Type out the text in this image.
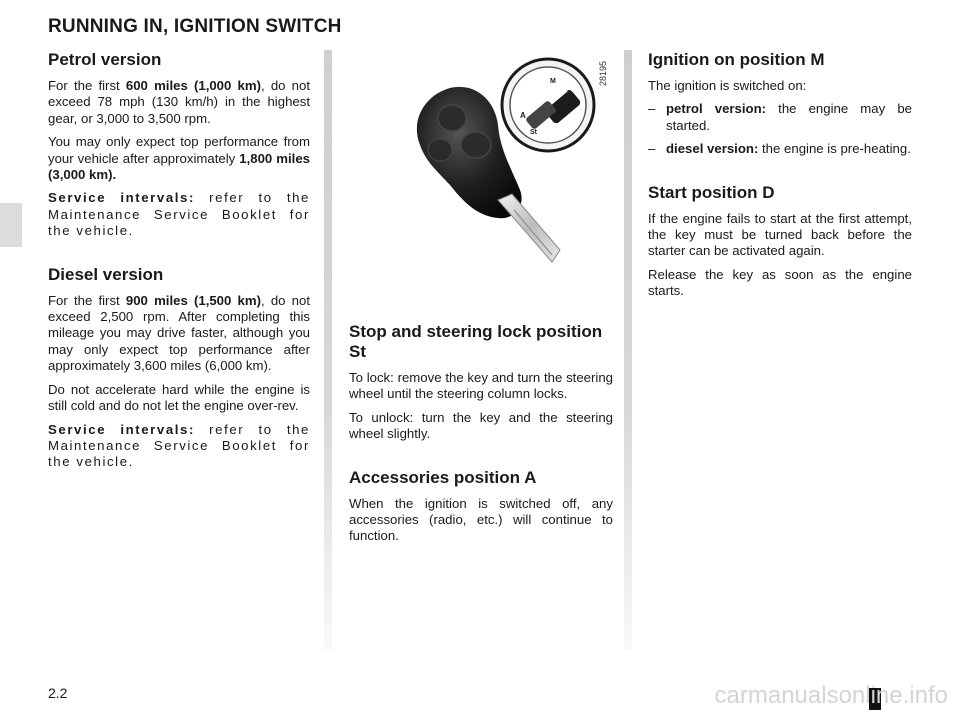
RUNNING IN, IGNITION SWITCH
Petrol version

For the first 600 miles (1,000 km), do not exceed 78 mph (130 km/h) in the highest gear, or 3,000 to 3,500 rpm.

You may only expect top performance from your vehicle after approximately 1,800 miles (3,000 km).

Service intervals: refer to the Maintenance Service Booklet for the vehicle.

Diesel version

For the first 900 miles (1,500 km), do not exceed 2,500 rpm. After completing this mileage you may drive faster, although you may only expect top performance after approximately 3,600 miles (6,000 km).

Do not accelerate hard while the engine is still cold and do not let the engine over-rev.

Service intervals: refer to the Maintenance Service Booklet for the vehicle.

A
M
D
St
28195
Stop and steering lock position St

To lock: remove the key and turn the steering wheel until the steering column locks.

To unlock: turn the key and the steering wheel slightly.

Accessories position A

When the ignition is switched off, any accessories (radio, etc.) will continue to function.

Ignition on position M

The ignition is switched on:

– petrol version: the engine may be started.
– diesel version: the engine is pre-heating.
Start position D

If the engine fails to start at the first attempt, the key must be turned back before the starter can be activated again.

Release the key as soon as the engine starts.

2.2	carmanualsonline.info
